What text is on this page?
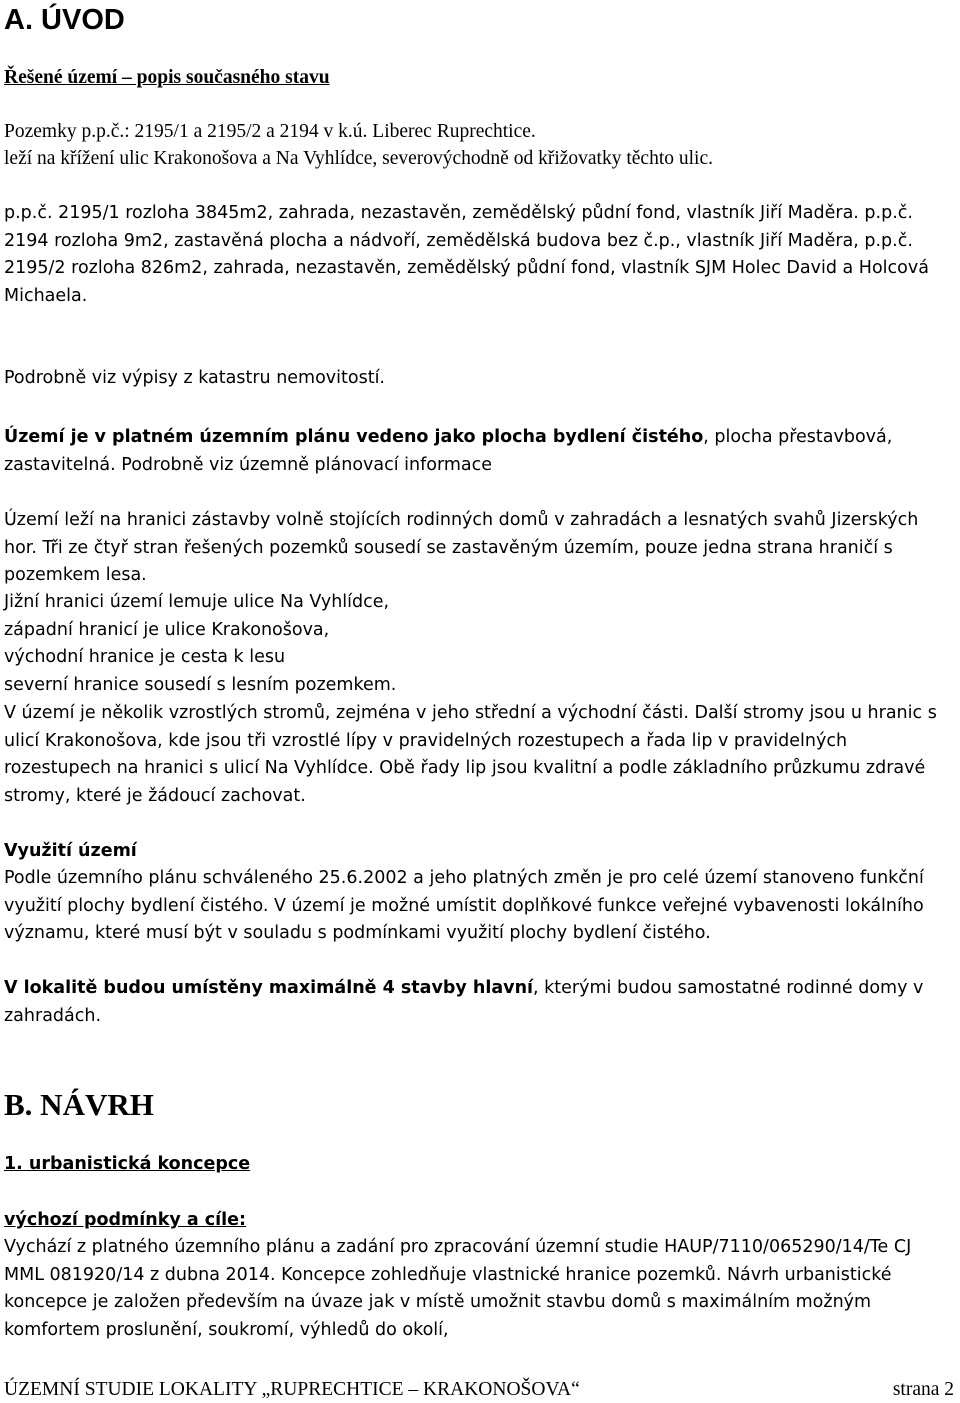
A. ÚVOD

Řešené území – popis současného stavu

Pozemky p.p.č.: 2195/1 a 2195/2 a 2194 v k.ú. Liberec Ruprechtice.

leží na křížení ulic Krakonošova a Na Vyhlídce, severovýchodně od křižovatky těchto ulic.

p.p.č. 2195/1 rozloha 3845m2, zahrada, nezastavěn, zemědělský půdní fond, vlastník Jiří Maděra. p.p.č. 2194 rozloha 9m2, zastavěná plocha a nádvoří, zemědělská budova bez č.p., vlastník Jiří Maděra, p.p.č. 2195/2 rozloha 826m2, zahrada, nezastavěn, zemědělský půdní fond, vlastník SJM Holec David a Holcová Michaela.

Podrobně viz výpisy z katastru nemovitostí.

Území je v platném územním plánu vedeno jako plocha bydlení čistého, plocha přestavbová, zastavitelná. Podrobně viz územně plánovací informace

Území leží na hranici zástavby volně stojících rodinných domů v zahradách a lesnatých svahů Jizerských hor. Tři ze čtyř stran řešených pozemků sousedí se zastavěným územím, pouze jedna strana hraničí s pozemkem lesa.

Jižní hranici území lemuje ulice Na Vyhlídce,
západní hranicí je ulice Krakonošova,
východní hranice je cesta k lesu
severní hranice sousedí s lesním pozemkem.

V území je několik vzrostlých stromů, zejména v jeho střední a východní části. Další stromy jsou u hranic s ulicí Krakonošova, kde jsou tři vzrostlé lípy v pravidelných rozestupech a řada lip v pravidelných rozestupech na hranici s ulicí Na Vyhlídce. Obě řady lip jsou kvalitní a podle základního průzkumu zdravé stromy, které je žádoucí zachovat.

Využití území

Podle územního plánu schváleného 25.6.2002 a jeho platných změn je pro celé území stanoveno funkční využití plochy bydlení čistého. V území je možné umístit doplňkové funkce veřejné vybavenosti lokálního významu, které musí být v souladu s podmínkami využití plochy bydlení čistého.

V lokalitě budou umístěny maximálně 4 stavby hlavní, kterými budou samostatné rodinné domy v zahradách.

B. NÁVRH

1. urbanistická koncepce

výchozí podmínky a cíle:

Vychází z platného územního plánu a zadání pro zpracování územní studie HAUP/7110/065290/14/Te CJ MML 081920/14 z dubna 2014. Koncepce zohledňuje vlastnické hranice pozemků. Návrh urbanistické koncepce je založen především na úvaze jak v místě umožnit stavbu domů s maximálním možným komfortem proslunění, soukromí, výhledů do okolí,

ÚZEMNÍ STUDIE LOKALITY „RUPRECHTICE – KRAKONOŠOVA“	strana 2
